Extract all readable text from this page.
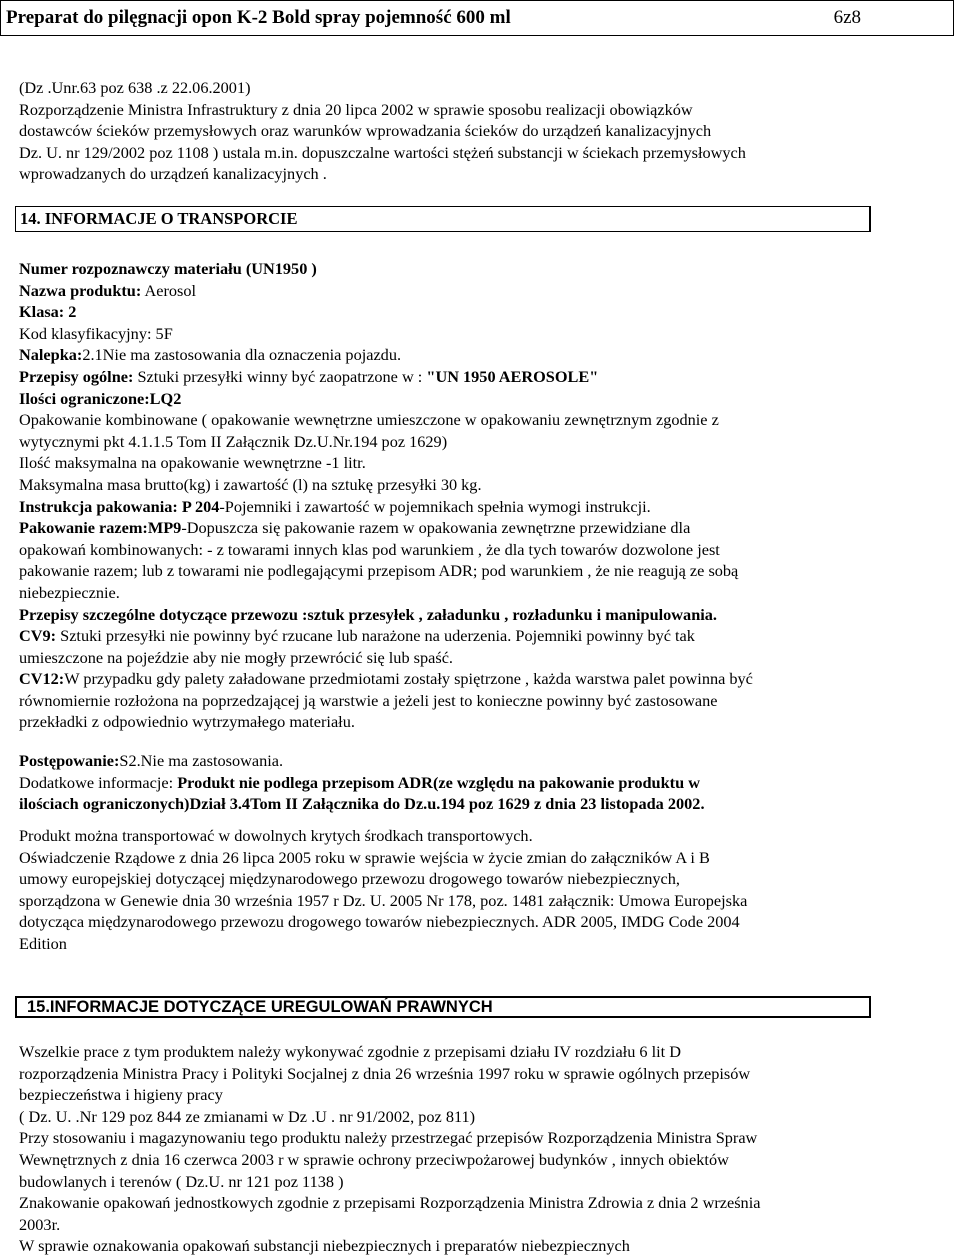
Preparat do pilęgnacji opon K-2 Bold spray pojemność 600 ml	6z8

(Dz .Unr.63 poz 638 .z 22.06.2001)

Rozporządzenie Ministra Infrastruktury z dnia 20 lipca 2002 w sprawie sposobu realizacji obowiązków

dostawców ścieków przemysłowych oraz warunków wprowadzania ścieków do urządzeń kanalizacyjnych

Dz. U. nr 129/2002 poz 1108 ) ustala m.in. dopuszczalne wartości stężeń substancji w ściekach przemysłowych

wprowadzanych do urządzeń kanalizacyjnych .

14. INFORMACJE O TRANSPORCIE

Numer rozpoznawczy materiału (UN1950 )

Nazwa produktu: Aerosol

Klasa: 2

Kod klasyfikacyjny: 5F

Nalepka:2.1Nie ma zastosowania dla oznaczenia pojazdu.

Przepisy ogólne: Sztuki przesyłki winny być zaopatrzone w : "UN 1950 AEROSOLE"

Ilości ograniczone:LQ2

Opakowanie kombinowane ( opakowanie wewnętrzne umieszczone w opakowaniu zewnętrznym zgodnie z

wytycznymi pkt 4.1.1.5 Tom II Załącznik Dz.U.Nr.194 poz 1629)

Ilość maksymalna na opakowanie wewnętrzne -1 litr.

Maksymalna masa brutto(kg) i zawartość (l) na sztukę przesyłki 30 kg.

Instrukcja pakowania: P 204-Pojemniki i zawartość w pojemnikach spełnia wymogi instrukcji.

Pakowanie razem:MP9-Dopuszcza się pakowanie razem w opakowania zewnętrzne przewidziane dla

opakowań kombinowanych: - z towarami innych klas pod warunkiem , że dla tych towarów dozwolone jest

pakowanie razem; lub z towarami nie podlegającymi przepisom ADR; pod warunkiem , że nie reagują ze sobą

niebezpiecznie.

Przepisy szczególne dotyczące przewozu :sztuk przesyłek , załadunku , rozładunku i manipulowania.

CV9: Sztuki przesyłki nie powinny być rzucane lub narażone na uderzenia. Pojemniki powinny być tak

umieszczone na pojeździe aby nie mogły przewrócić się lub spaść.

CV12:W przypadku gdy palety załadowane przedmiotami zostały spiętrzone , każda warstwa palet powinna być

równomiernie rozłożona na poprzedzającej ją warstwie a jeżeli jest to konieczne powinny być zastosowane

przekładki z odpowiednio wytrzymałego materiału.

Postępowanie:S2.Nie ma zastosowania.

Dodatkowe informacje: Produkt nie podlega przepisom ADR(ze względu na pakowanie produktu w

ilościach ograniczonych)Dział 3.4Tom II Załącznika do Dz.u.194 poz 1629 z dnia 23 listopada 2002.

Produkt można transportować w dowolnych krytych środkach transportowych.

Oświadczenie Rządowe z dnia 26 lipca 2005 roku w sprawie wejścia w życie zmian do załączników A i B

umowy europejskiej dotyczącej międzynarodowego przewozu drogowego towarów niebezpiecznych,

sporządzona w Genewie dnia 30 września 1957 r Dz. U. 2005 Nr 178, poz. 1481 załącznik: Umowa Europejska

dotycząca międzynarodowego przewozu drogowego towarów niebezpiecznych. ADR 2005, IMDG Code 2004

Edition

15.INFORMACJE DOTYCZĄCE UREGULOWAŃ PRAWNYCH

Wszelkie prace z tym produktem należy wykonywać zgodnie z przepisami działu IV rozdziału 6 lit D

rozporządzenia Ministra Pracy i Polityki Socjalnej z dnia 26 września 1997 roku w sprawie ogólnych przepisów

bezpieczeństwa i higieny pracy

( Dz. U. .Nr 129 poz 844 ze zmianami w Dz .U . nr 91/2002, poz 811)

Przy stosowaniu i magazynowaniu tego produktu należy przestrzegać przepisów Rozporządzenia Ministra Spraw

Wewnętrznych z dnia 16 czerwca 2003 r w sprawie ochrony przeciwpożarowej budynków , innych obiektów

budowlanych i terenów ( Dz.U. nr 121 poz 1138 )

Znakowanie opakowań jednostkowych zgodnie z przepisami Rozporządzenia Ministra Zdrowia z dnia 2 września

2003r.

W sprawie oznakowania opakowań substancji niebezpiecznych i preparatów niebezpiecznych
